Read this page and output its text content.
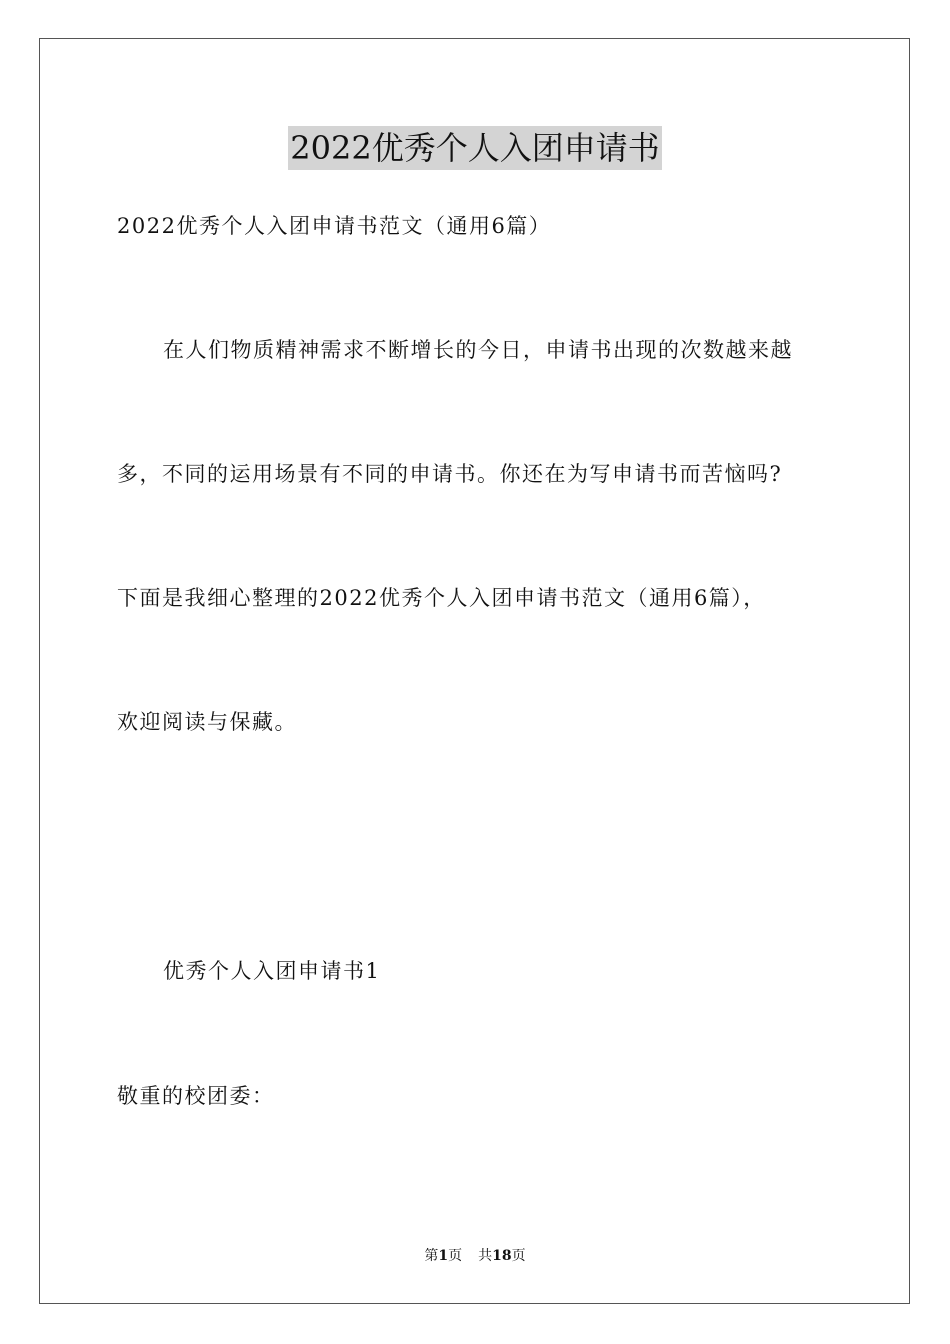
2022优秀个人入团申请书
2022优秀个人入团申请书范文（通用6篇）
在人们物质精神需求不断增长的今日，申请书出现的次数越来越
多，不同的运用场景有不同的申请书。你还在为写申请书而苦恼吗?
下面是我细心整理的2022优秀个人入团申请书范文（通用6篇），
欢迎阅读与保藏。
优秀个人入团申请书1
敬重的校团委：
第1页 共18页
